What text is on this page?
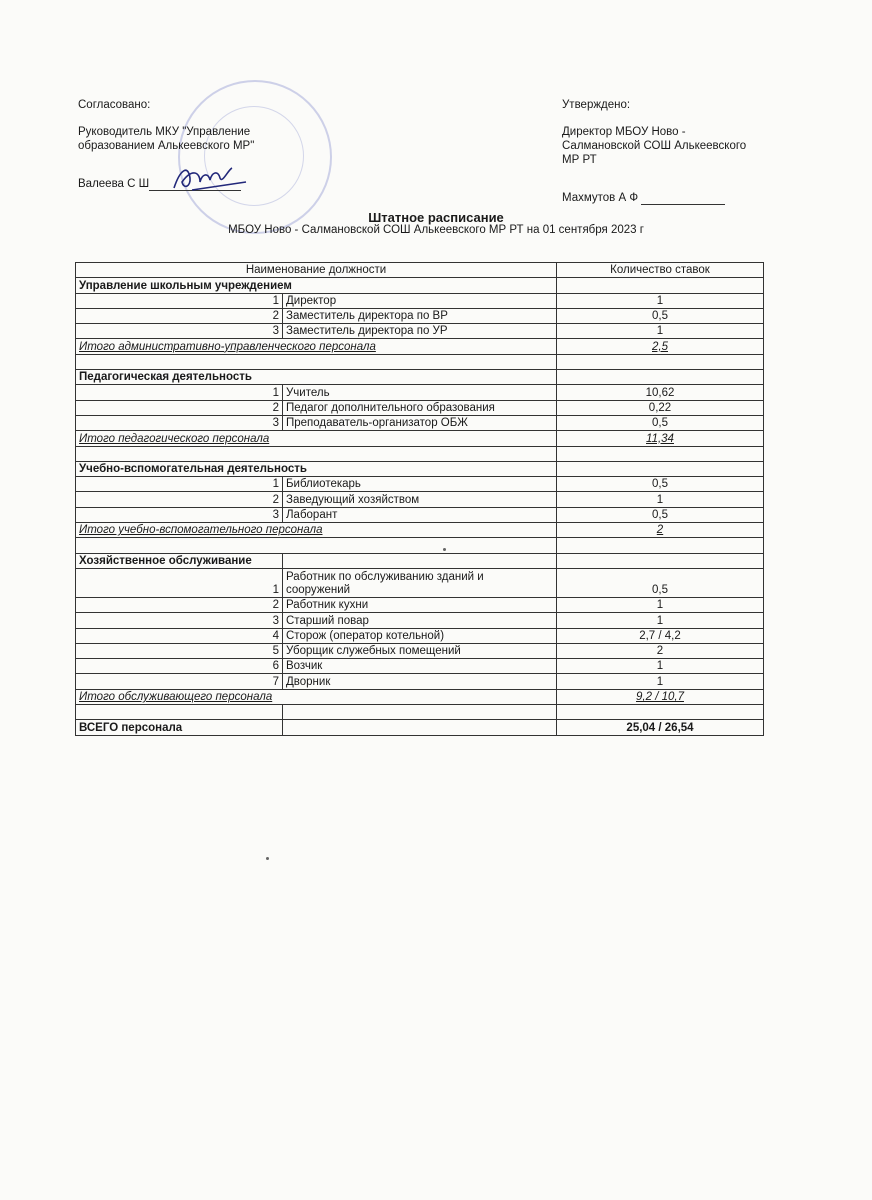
Согласовано:

Руководитель МКУ "Управление

образованием Алькеевского МР"

Валеева С Ш

Утверждено:

Директор МБОУ Ново -

Салмановской СОШ Алькеевского

МР РТ

Махмутов А Ф

Штатное расписание
МБОУ Ново - Салмановской СОШ Алькеевского МР РТ на 01 сентября 2023 г
Наименование должности		Количество ставок
Управление школьным учреждением		
1	Директор	1
2	Заместитель директора по ВР	0,5
3	Заместитель директора по УР	1
Итого административно-управленческого персонала		2,5

Педагогическая деятельность		
1	Учитель	10,62
2	Педагог дополнительного образования	0,22
3	Преподаватель-организатор ОБЖ	0,5
Итого педагогического персонала		11,34

Учебно-вспомогательная деятельность		
1	Библиотекарь	0,5
2	Заведующий хозяйством	1
3	Лаборант	0,5
Итого учебно-вспомогательного персонала		2

Хозяйственное обслуживание		
1	Работник по обслуживанию зданий и
сооружений	0,5
2	Работник кухни	1
3	Старший повар	1
4	Сторож (оператор котельной)	2,7 / 4,2
5	Уборщик служебных помещений	2
6	Возчик	1
7	Дворник	1
Итого обслуживающего персонала		9,2 / 10,7

ВСЕГО персонала		25,04 / 26,54
